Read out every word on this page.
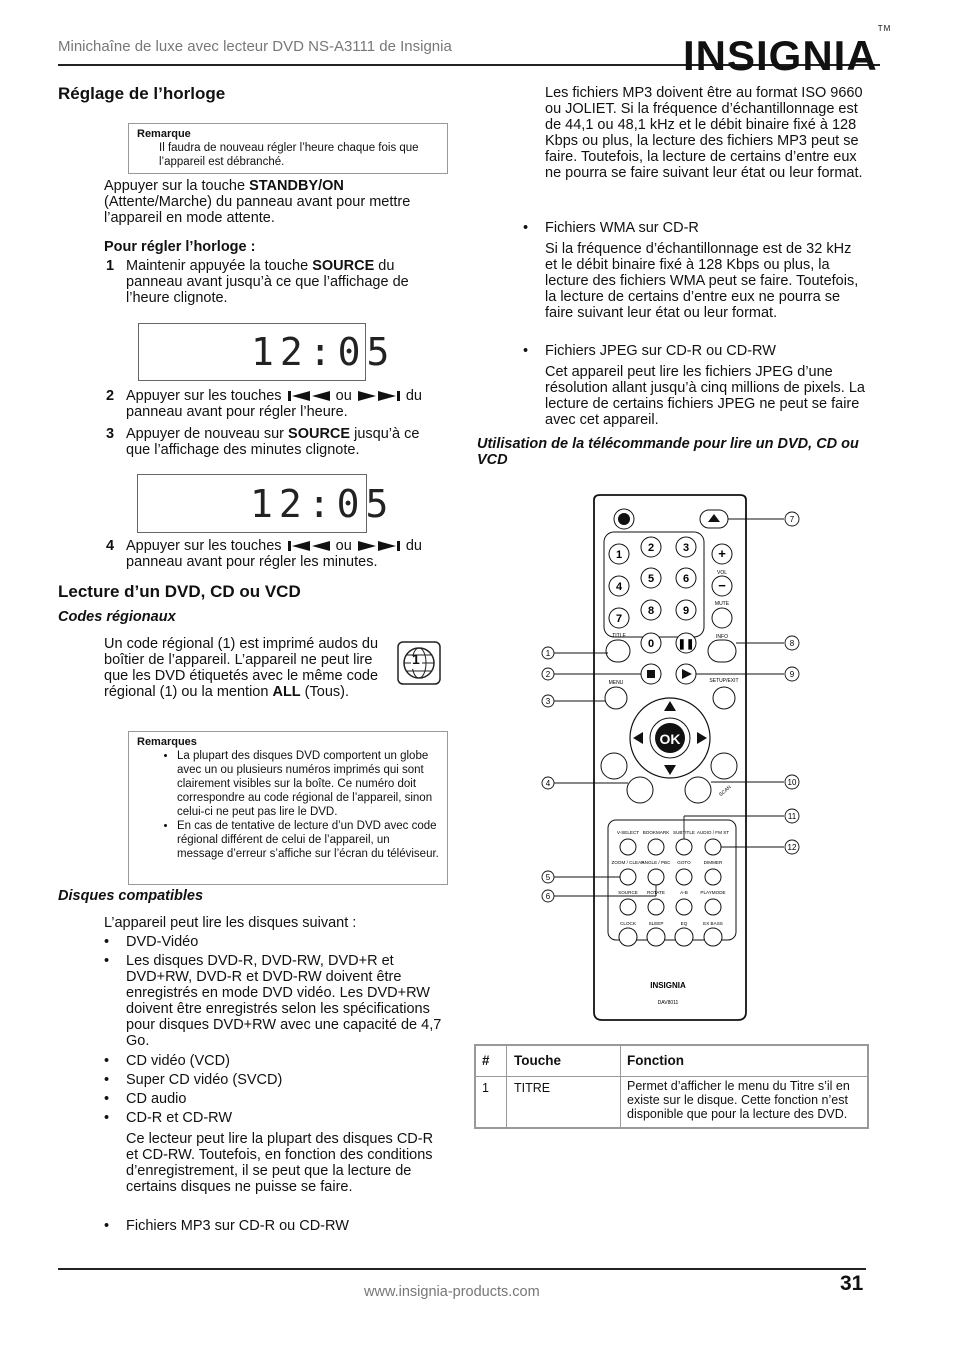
Minichaîne de luxe avec lecteur DVD NS-A3111 de Insignia	INSIGNIA™
Réglage de l’horloge
Remarque
Il faudra de nouveau régler l’heure chaque fois que l’appareil est débranché.
Appuyer sur la touche STANDBY/ON (Attente/Marche) du panneau avant pour mettre l’appareil en mode attente.
Pour régler l’horloge :
1 Maintenir appuyée la touche SOURCE du panneau avant jusqu’à ce que l’affichage de l’heure clignote.
12:05
2 Appuyer sur les touches	ou	du
panneau avant pour régler l’heure.
3 Appuyer de nouveau sur SOURCE jusqu’à ce que l’affichage des minutes clignote.
12:05
4 Appuyer sur les touches	ou	du
panneau avant pour régler les minutes.
Lecture d’un DVD, CD ou VCD
Codes régionaux
Un code régional (1) est imprimé audos du boîtier de l’appareil. L’appareil ne peut lire que les DVD étiquetés avec le même code régional (1) ou la mention ALL (Tous).
1
Remarques
• La plupart des disques DVD comportent un globe avec un ou plusieurs numéros imprimés qui sont clairement visibles sur la boîte. Ce numéro doit correspondre au code régional de l’appareil, sinon celui-ci ne peut pas lire le DVD.
• En cas de tentative de lecture d’un DVD avec code régional différent de celui de l’appareil, un message d’erreur s’affiche sur l’écran du téléviseur.
Disques compatibles
L’appareil peut lire les disques suivant :
• DVD-Vidéo
• Les disques DVD-R, DVD-RW, DVD+R et DVD+RW, DVD-R et DVD-RW doivent être enregistrés en mode DVD vidéo. Les DVD+RW doivent être enregistrés selon les spécifications pour disques DVD+RW avec une capacité de 4,7 Go.
• CD vidéo (VCD)
• Super CD vidéo (SVCD)
• CD audio
• CD-R et CD-RW
Ce lecteur peut lire la plupart des disques CD-R et CD-RW. Toutefois, en fonction des conditions d’enregistrement, il se peut que la lecture de certains disques ne puisse se faire.
• Fichiers MP3 sur CD-R ou CD-RW
Les fichiers MP3 doivent être au format ISO 9660 ou JOLIET. Si la fréquence d’échantillonnage est de 44,1 ou 48,1 kHz et le débit binaire fixé à 128 Kbps ou plus, la lecture des fichiers MP3 peut se faire. Toutefois, la lecture de certains d’entre eux ne pourra se faire suivant leur état ou leur format.
• Fichiers WMA sur CD-R
Si la fréquence d’échantillonnage est de 32 kHz et le débit binaire fixé à 128 Kbps ou plus, la lecture des fichiers WMA peut se faire. Toutefois, la lecture de certains d’entre eux ne pourra se faire suivant leur état ou leur format.
• Fichiers JPEG sur CD-R ou CD-RW
Cet appareil peut lire les fichiers JPEG d’une résolution allant jusqu’à cinq millions de pixels. La lecture de certains fichiers JPEG ne peut se faire avec cet appareil.
Utilisation de la télécommande pour lire un DVD, CD ou VCD
1
2	3
4
5	6
7
8	9
0
+
VOL
−
MUTE
TITLE
❚❚
INFO
MENU	SETUP/EXIT
OK
SCAN
V-SELECT BOOKMARK SUBTITLE AUDIO / FM ST
ZOOM / CLEAR
ANGLE / PBC GOTO	DIMMER
SOURCE ROTATE	A-B	PLAYMODE
CLOCK	SLEEP	EQ	EX BASS
INSIGNIA
DAV8011
1
2
3
4
5
6
7
8
9
10
11
12
# Touche	Fonction
1 TITRE	Permet d’afficher le menu du Titre s’il en existe sur le disque. Cette fonction n’est disponible que pour la lecture des DVD.
www.insignia-products.com	31
